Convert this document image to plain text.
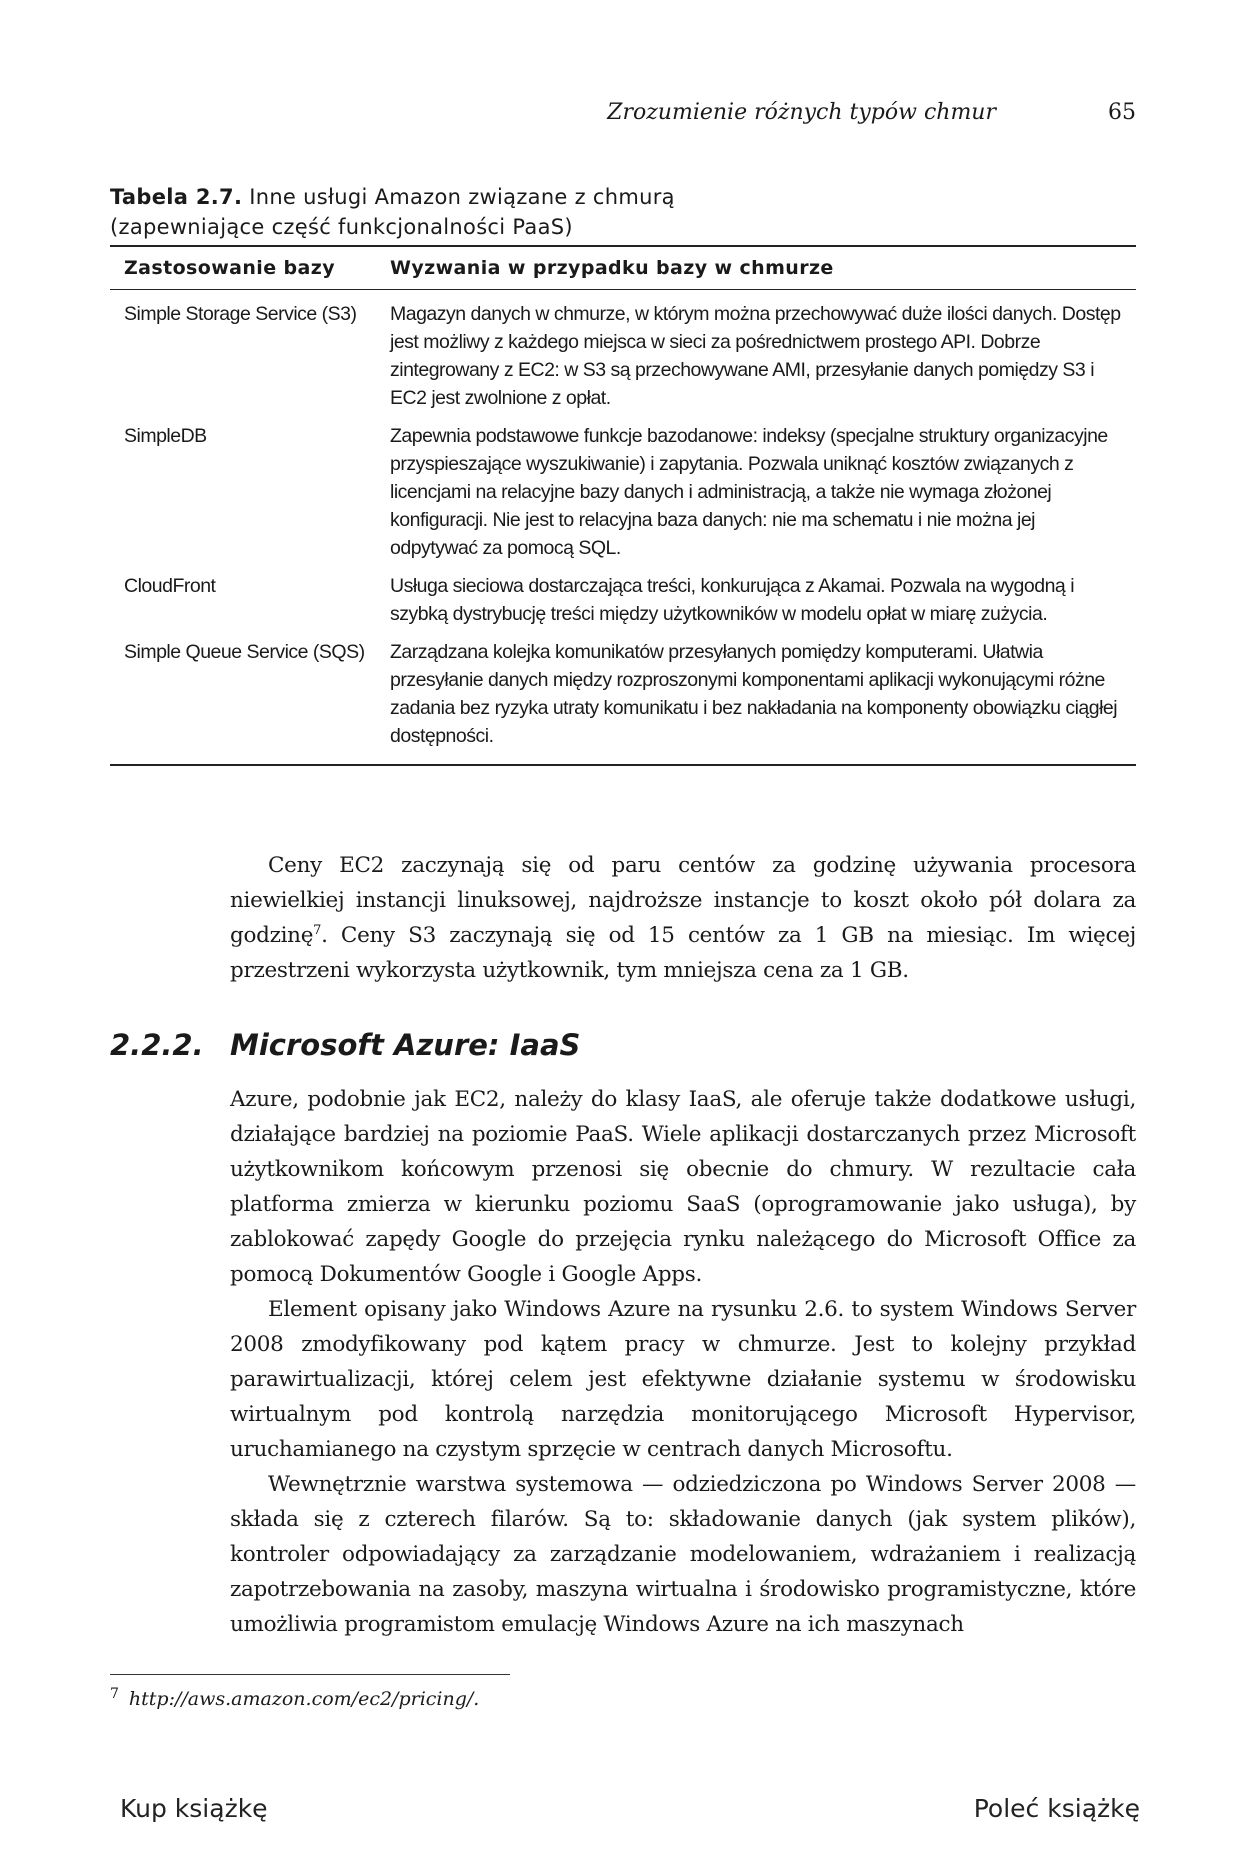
Zrozumienie różnych typów chmur	65
Tabela 2.7. Inne usługi Amazon związane z chmurą
(zapewniające część funkcjonalności PaaS)
Zastosowanie bazy	Wyzwania w przypadku bazy w chmurze
Simple Storage Service (S3)	Magazyn danych w chmurze, w którym można przechowywać duże ilości danych. Dostęp jest możliwy z każdego miejsca w sieci za pośrednictwem prostego API. Dobrze zintegrowany z EC2: w S3 są przechowywane AMI, przesyłanie danych pomiędzy S3 i EC2 jest zwolnione z opłat.
SimpleDB	Zapewnia podstawowe funkcje bazodanowe: indeksy (specjalne struktury organizacyjne przyspieszające wyszukiwanie) i zapytania. Pozwala uniknąć kosztów związanych z licencjami na relacyjne bazy danych i administracją, a także nie wymaga złożonej konfiguracji. Nie jest to relacyjna baza danych: nie ma schematu i nie można jej odpytywać za pomocą SQL.
CloudFront	Usługa sieciowa dostarczająca treści, konkurująca z Akamai. Pozwala na wygodną i szybką dystrybucję treści między użytkowników w modelu opłat w miarę zużycia.
Simple Queue Service (SQS)	Zarządzana kolejka komunikatów przesyłanych pomiędzy komputerami. Ułatwia przesyłanie danych między rozproszonymi komponentami aplikacji wykonującymi różne zadania bez ryzyka utraty komunikatu i bez nakładania na komponenty obowiązku ciągłej dostępności.

Ceny EC2 zaczynają się od paru centów za godzinę używania procesora niewielkiej instancji linuksowej, najdroższe instancje to koszt około pół dolara za godzinę$^7$. Ceny S3 zaczynają się od 15 centów za 1 GB na miesiąc. Im więcej przestrzeni wykorzysta użytkownik, tym mniejsza cena za 1 GB.

2.2.2. Microsoft Azure: IaaS

Azure, podobnie jak EC2, należy do klasy IaaS, ale oferuje także dodatkowe usługi, działające bardziej na poziomie PaaS. Wiele aplikacji dostarczanych przez Microsoft użytkownikom końcowym przenosi się obecnie do chmury. W rezultacie cała platforma zmierza w kierunku poziomu SaaS (oprogramowanie jako usługa), by zablokować zapędy Google do przejęcia rynku należącego do Microsoft Office za pomocą Dokumentów Google i Google Apps.

Element opisany jako Windows Azure na rysunku 2.6. to system Windows Server 2008 zmodyfikowany pod kątem pracy w chmurze. Jest to kolejny przykład parawirtualizacji, której celem jest efektywne działanie systemu w środowisku wirtualnym pod kontrolą narzędzia monitorującego Microsoft Hypervisor, uruchamianego na czystym sprzęcie w centrach danych Microsoftu.

Wewnętrznie warstwa systemowa — odziedziczona po Windows Server 2008 — składa się z czterech filarów. Są to: składowanie danych (jak system plików), kontroler odpowiadający za zarządzanie modelowaniem, wdrażaniem i realizacją zapotrzebowania na zasoby, maszyna wirtualna i środowisko programistyczne, które umożliwia programistom emulację Windows Azure na ich maszynach

$^7$ http://aws.amazon.com/ec2/pricing/.
Kup książkę	Poleć książkę
